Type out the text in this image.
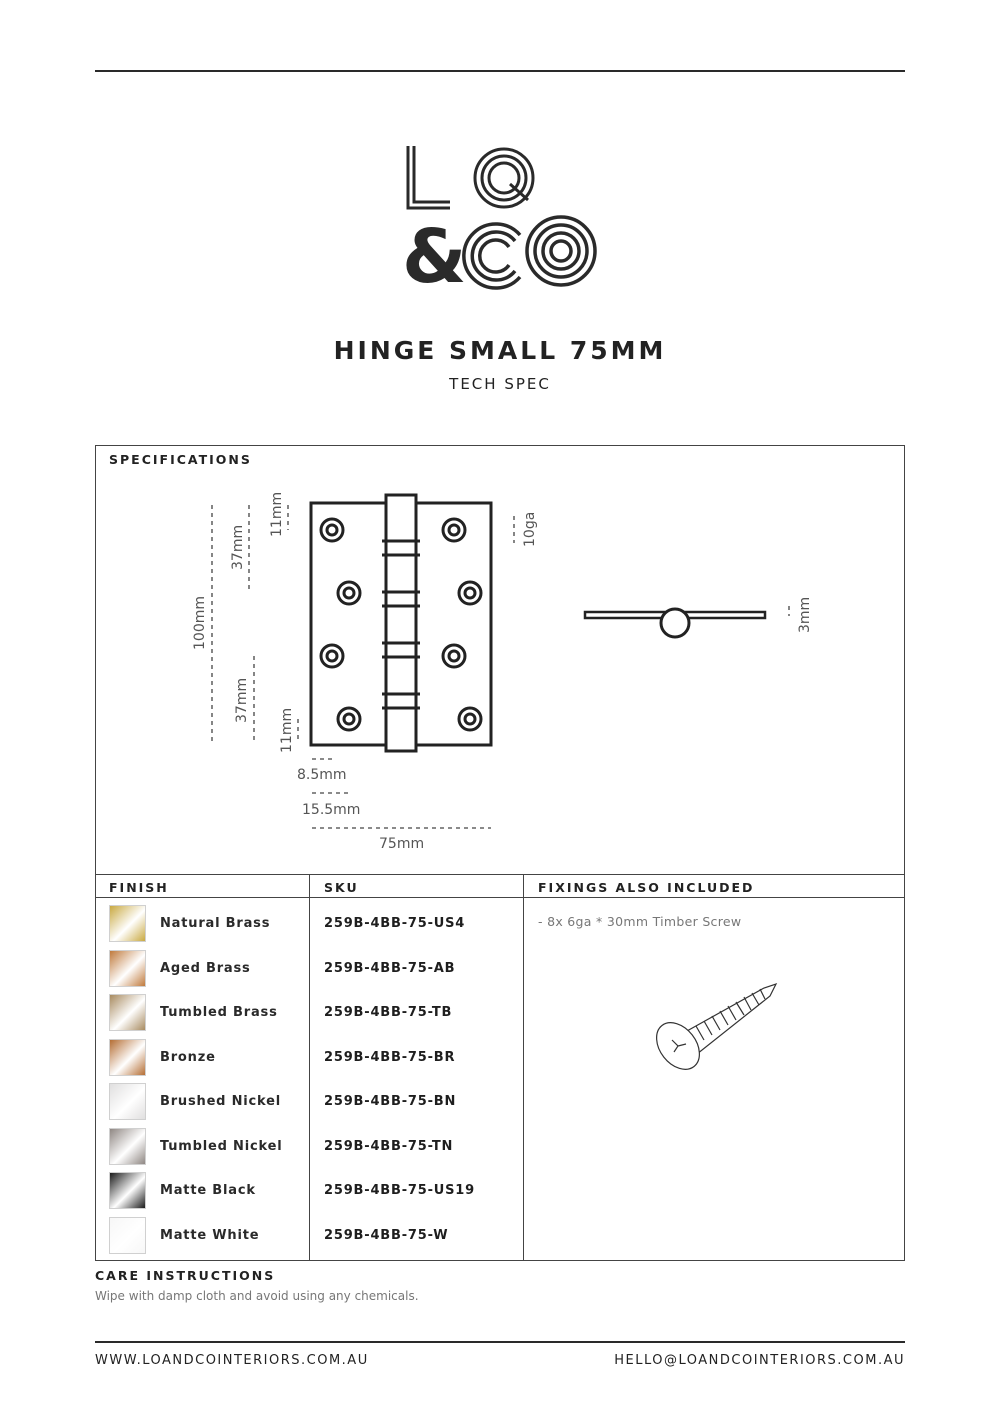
&
HINGE SMALL 75MM
TECH SPEC
SPECIFICATIONS
100mm
37mm
11mm
37mm
11mm
10ga
8.5mm
15.5mm
75mm
3mm
FINISH	SKU	FIXINGS ALSO INCLUDED
Natural Brass	259B-4BB-75-US4
Aged Brass	259B-4BB-75-AB
Tumbled Brass	259B-4BB-75-TB
Bronze	259B-4BB-75-BR
Brushed Nickel	259B-4BB-75-BN
Tumbled Nickel	259B-4BB-75-TN
Matte Black	259B-4BB-75-US19
Matte White	259B-4BB-75-W
- 8x 6ga * 30mm Timber Screw
CARE INSTRUCTIONS
Wipe with damp cloth and avoid using any chemicals.
WWW.LOANDCOINTERIORS.COM.AU	HELLO@LOANDCOINTERIORS.COM.AU
